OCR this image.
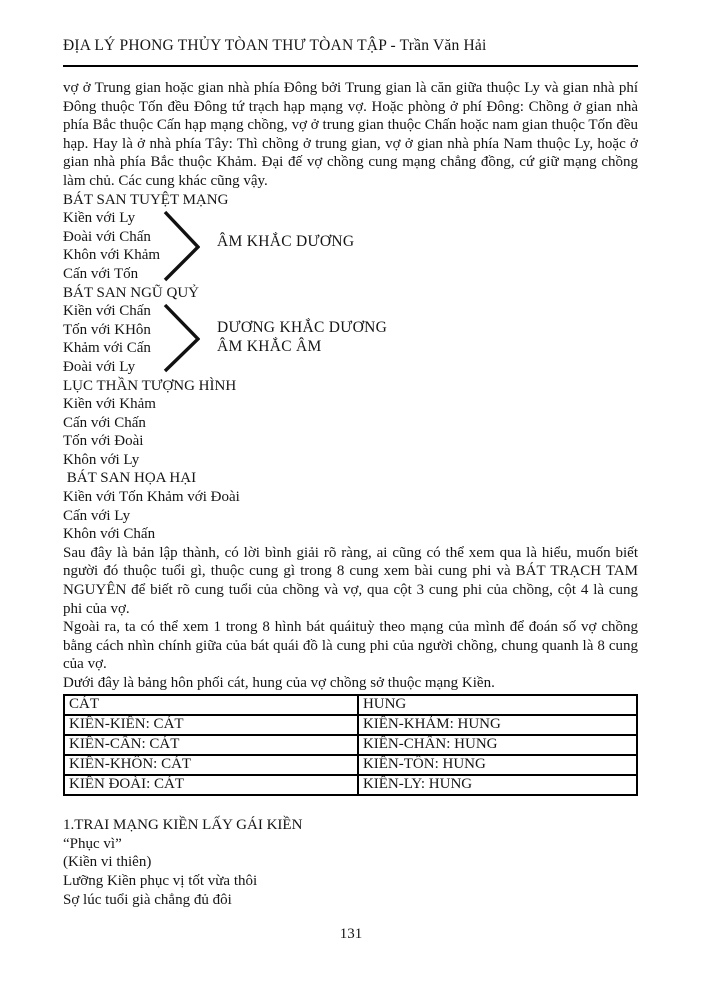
ĐỊA LÝ PHONG THỦY TÒAN THƯ TÒAN TẬP - Trần Văn Hải

vợ ở Trung gian hoặc gian nhà phía Đông bởi Trung gian là căn giữa thuộc Ly và gian nhà phí Đông thuộc Tốn đều Đông tứ trạch hạp mạng vợ. Hoặc phòng ở phí Đông: Chồng ở gian nhà phía Bắc thuộc Cấn hạp mạng chồng, vợ ở trung gian thuộc Chấn hoặc nam gian thuộc Tốn đều hạp. Hay là ở nhà phía Tây: Thì chồng ở trung gian, vợ ở gian nhà phía Nam thuộc Ly, hoặc ở gian nhà phía Bắc thuộc Khảm. Đại đế vợ chồng cung mạng chẳng đồng, cứ giữ mạng chồng làm chủ. Các cung khác cũng vậy.

BÁT SAN TUYỆT MẠNG
Kiền với Ly
Đoài với Chấn
Khôn với Khảm
Cấn với Tốn
ÂM KHẮC DƯƠNG
BÁT SAN NGŨ QUỶ
Kiền với Chấn
Tốn với KHôn
Khảm với Cấn
Đoài với Ly
DƯƠNG KHẮC DƯƠNG
ÂM KHẮC ÂM
LỤC THẦN TƯỢNG HÌNH
Kiền với Khảm
Cấn với Chấn
Tốn với Đoài
Khôn với Ly
BÁT SAN HỌA HẠI
Kiền với Tốn Khảm với Đoài
Cấn với Ly
Khôn với Chấn

Sau đây là bản lập thành, có lời bình giải rõ ràng, ai cũng có thể xem qua là hiểu, muốn biết người đó thuộc tuổi gì, thuộc cung gì trong 8 cung xem bài cung phi và BÁT TRẠCH TAM NGUYÊN để biết rõ cung tuổi của chồng và vợ, qua cột 3 cung phi của chồng, cột 4 là cung phi của vợ.

Ngoài ra, ta có thể xem 1 trong 8 hình bát quáituỳ theo mạng của mình để đoán số vợ chồng bằng cách nhìn chính giữa của bát quái đồ là cung phi của người chồng, chung quanh là 8 cung của vợ.

Dưới đây là bảng hôn phối cát, hung của vợ chồng sở thuộc mạng Kiền.
CÁT	HUNG
KIỀN-KIỀN: CÁT	KIỀN-KHẢM: HUNG
KIỀN-CẤN: CÁT	KIỀN-CHẤN: HUNG
KIỀN-KHÔN: CÁT	KIỀN-TỐN: HUNG
KIỀN ĐOÀI: CÁT	KIỀN-LY: HUNG
1.TRAI MẠNG KIỀN LẤY GÁI KIỀN
“Phục vì”
(Kiền vi thiên)
Lưỡng Kiền phục vị tốt vừa thôi
Sợ lúc tuổi già chẳng đủ đôi
131
